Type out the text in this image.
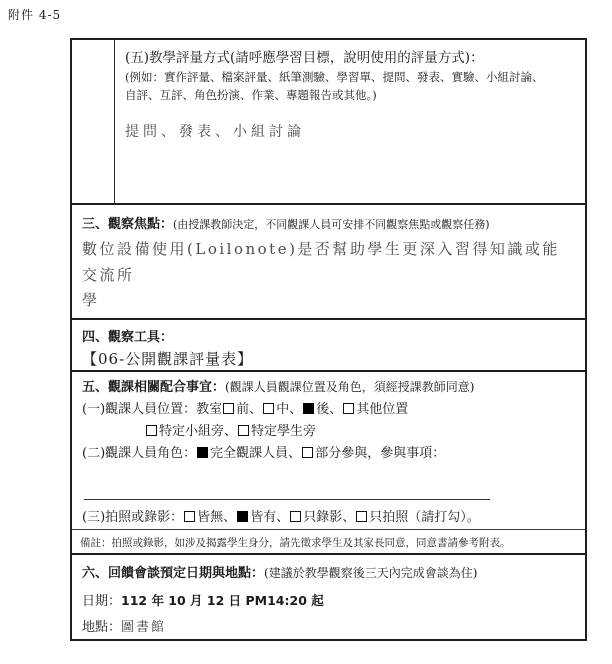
附件 4-5
(五)教學評量方式(請呼應學習目標，說明使用的評量方式)：
(例如：實作評量、檔案評量、紙筆測驗、學習單、提問、發表、實驗、小組討論、
自評、互評、角色扮演、作業、專題報告或其他。)
提問、發表、小組討論
三、觀察焦點：(由授課教師決定，不同觀課人員可安排不同觀察焦點或觀察任務)
數位設備使用(Loilonote)是否幫助學生更深入習得知識或能交流所
學
四、觀察工具：
【06-公開觀課評量表】
五、觀課相關配合事宜：(觀課人員觀課位置及角色，須經授課教師同意)
(一)觀課人員位置：教室 前、 中、 後、 其他位置
特定小組旁、 特定學生旁
(二)觀課人員角色： 完全觀課人員、 部分參與，參與事項：
(三)拍照或錄影： 皆無、 皆有、 只錄影、 只拍照（請打勾）。
備註：拍照或錄影，如涉及揭露學生身分，請先徵求學生及其家長同意，同意書請參考附表。
六、回饋會談預定日期與地點：(建議於教學觀察後三天內完成會談為住)
日期：112 年 10 月 12 日 PM14:20 起
地點：圖書館
